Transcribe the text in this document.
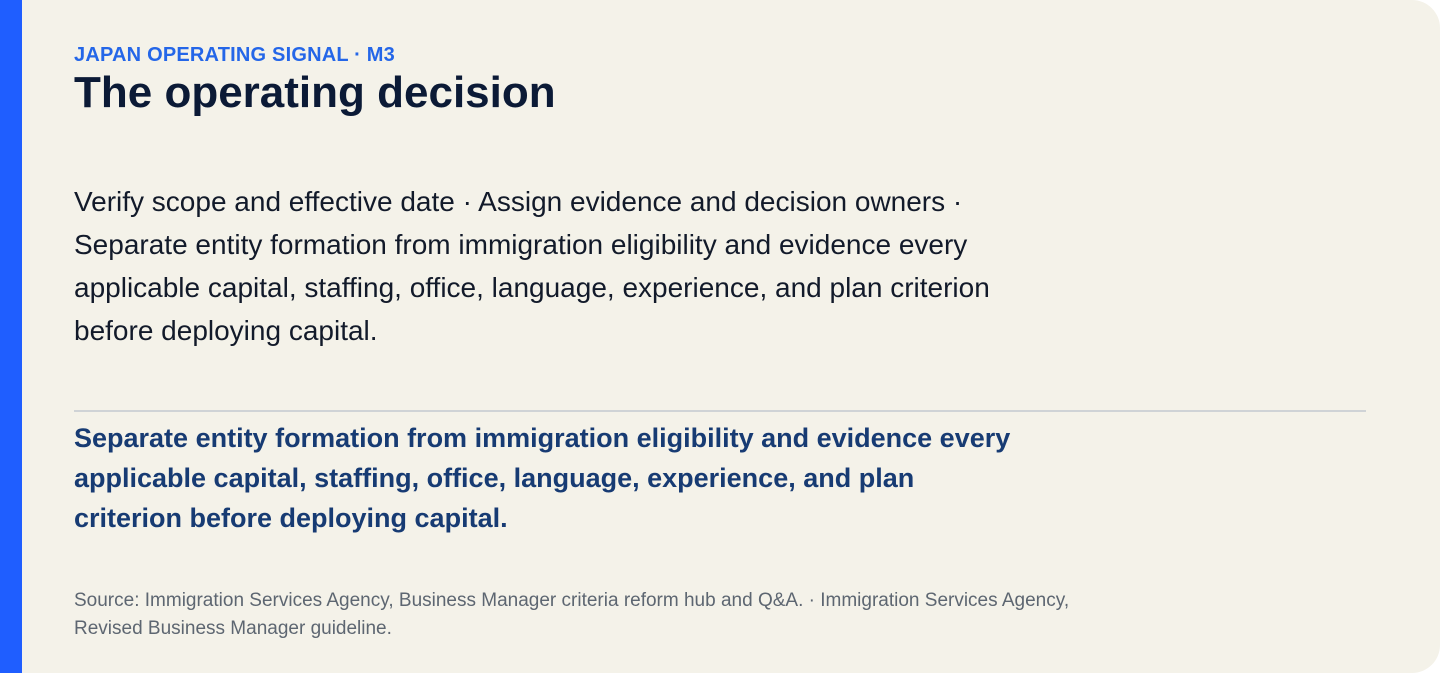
JAPAN OPERATING SIGNAL · M3
The operating decision

Verify scope and effective date · Assign evidence and decision owners · Separate entity formation from immigration eligibility and evidence every applicable capital, staffing, office, language, experience, and plan criterion before deploying capital.

Separate entity formation from immigration eligibility and evidence every applicable capital, staffing, office, language, experience, and plan criterion before deploying capital.

Source: Immigration Services Agency, Business Manager criteria reform hub and Q&A. · Immigration Services Agency, Revised Business Manager guideline.
